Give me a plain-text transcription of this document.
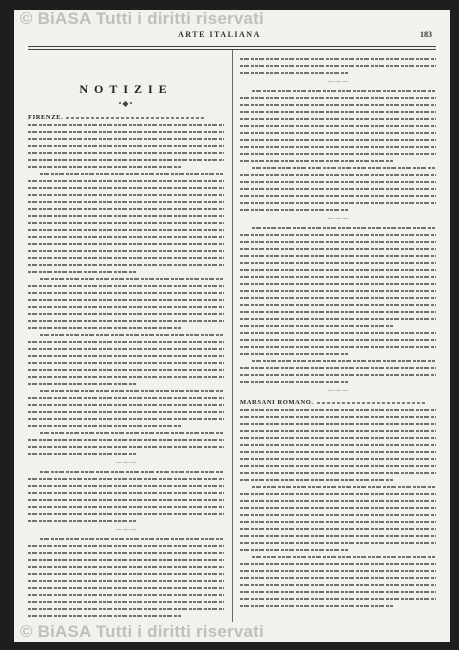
© BiASA Tutti i diritti riservati
ARTE ITALIANA	183
NOTIZIE
•◆•
FIRENZE.
— — —
— — —
— — —
— — —
— — —
MARSANI ROMANO.
© BiASA Tutti i diritti riservati
